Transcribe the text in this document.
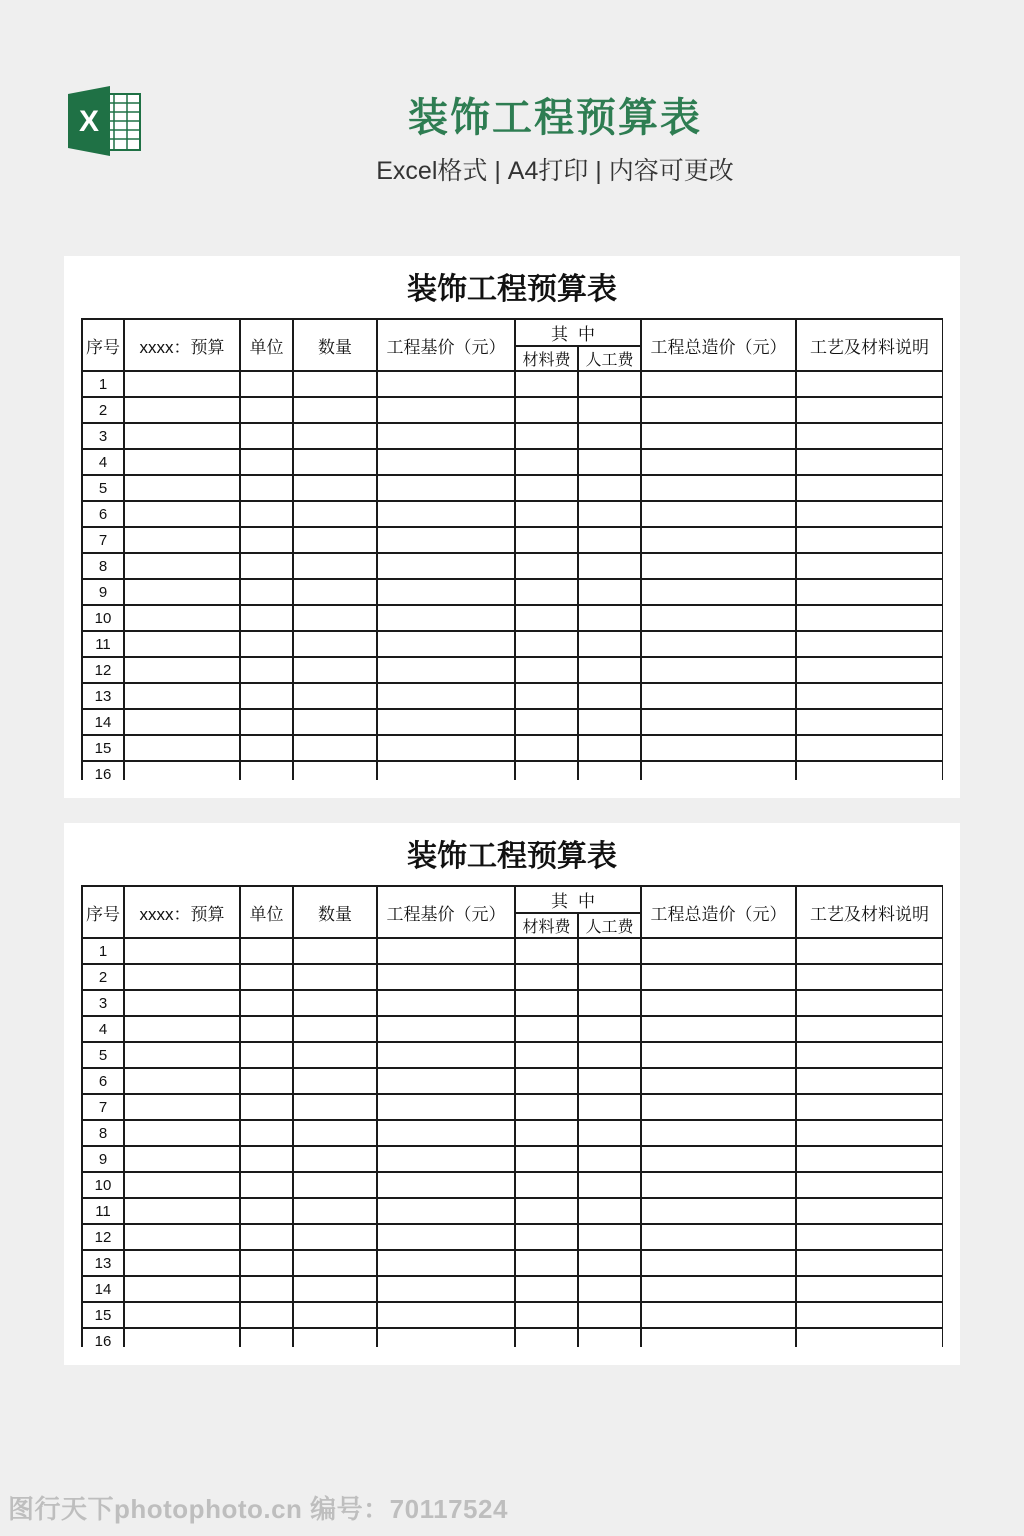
X	装饰工程预算表
Excel格式 | A4打印 | 内容可更改
装饰工程预算表
序号	xxxx：预算	单位	数量	工程基价（元）	其中		工程总造价（元）	工艺及材料说明
					材料费	人工费		
1								
2								
3								
4								
5								
6								
7								
8								
9								
10								
11								
12								
13								
14								
15								
16								
装饰工程预算表
序号	xxxx：预算	单位	数量	工程基价（元）	其中		工程总造价（元）	工艺及材料说明
					材料费	人工费		
1								
2								
3								
4								
5								
6								
7								
8								
9								
10								
11								
12								
13								
14								
15								
16								
图行天下photophoto.cn 编号：70117524
